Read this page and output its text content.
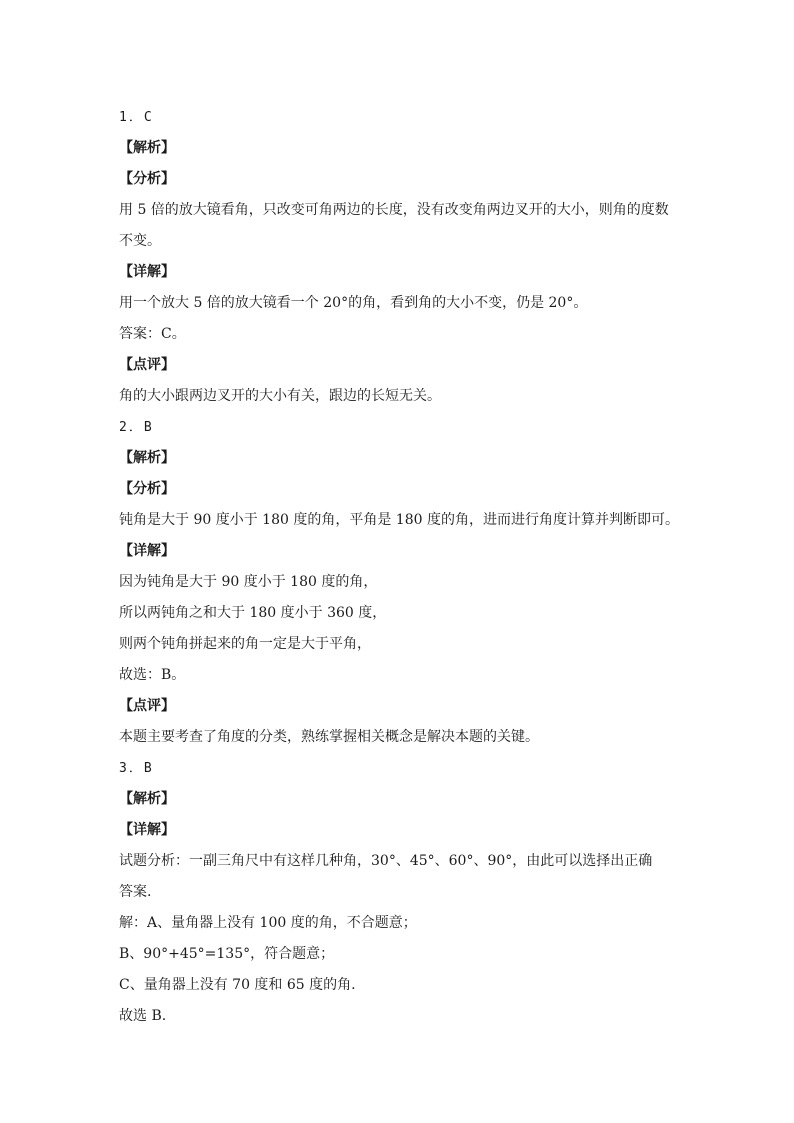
1．C
【解析】
【分析】
用 5 倍的放大镜看角，只改变可角两边的长度，没有改变角两边叉开的大小，则角的度数
不变。
【详解】
用一个放大 5 倍的放大镜看一个 20°的角，看到角的大小不变，仍是 20°。
答案：C。
【点评】
角的大小跟两边叉开的大小有关，跟边的长短无关。
2．B
【解析】
【分析】
钝角是大于 90 度小于 180 度的角，平角是 180 度的角，进而进行角度计算并判断即可。
【详解】
因为钝角是大于 90 度小于 180 度的角，
所以两钝角之和大于 180 度小于 360 度，
则两个钝角拼起来的角一定是大于平角，
故选：B。
【点评】
本题主要考查了角度的分类，熟练掌握相关概念是解决本题的关键。
3．B
【解析】
【详解】
试题分析：一副三角尺中有这样几种角，30°、45°、60°、90°，由此可以选择出正确
答案.
解：A、量角器上没有 100 度的角，不合题意；
B、90°+45°=135°，符合题意；
C、量角器上没有 70 度和 65 度的角.
故选 B.
